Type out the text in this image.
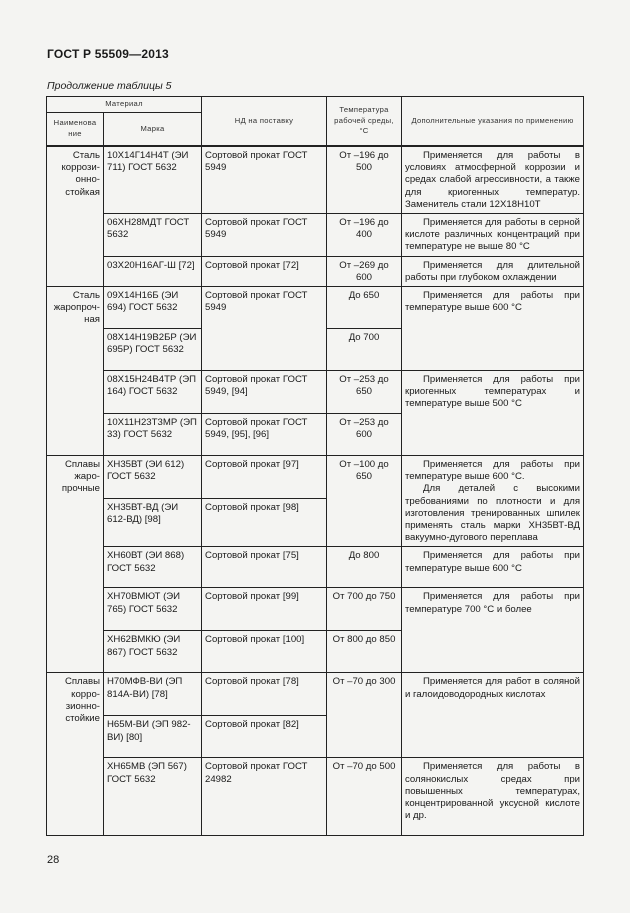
ГОСТ Р 55509—2013
Продолжение таблицы 5
Материал		НД на поставку	Температура рабочей среды, °С	Дополнительные указания по применению
Наименова ние	Марка			
Сталь коррозионностойкая	10Х14Г14Н4Т (ЭИ 711) ГОСТ 5632	Сортовой прокат ГОСТ 5949	От –196 до 500	Применяется для работы в условиях атмосферной коррозии и средах слабой агрессивности, а также для криогенных температур. Заменитель стали 12Х18Н10Т
	06ХН28МДТ ГОСТ 5632	Сортовой прокат ГОСТ 5949	От –196 до 400	Применяется для работы в серной кислоте различных концентраций при температуре не выше 80 °С
	03Х20Н16АГ-Ш [72]	Сортовой прокат [72]	От –269 до 600	Применяется для длительной работы при глубоком охлаждении
Сталь жаропрочная	09Х14Н16Б (ЭИ 694) ГОСТ 5632	Сортовой прокат ГОСТ 5949	До 650	Применяется для работы при температуре выше 600 °С
	08Х14Н19В2БР (ЭИ 695Р) ГОСТ 5632		До 700	
	08Х15Н24В4ТР (ЭП 164) ГОСТ 5632	Сортовой прокат ГОСТ 5949, [94]	От –253 до 650	Применяется для работы при криогенных температурах и температуре выше 500 °С
	10Х11Н23Т3МР (ЭП 33) ГОСТ 5632	Сортовой прокат ГОСТ 5949, [95], [96]	От –253 до 600	
Сплавы жаропрочные	ХН35ВТ (ЭИ 612) ГОСТ 5632	Сортовой прокат [97]	От –100 до 650	Применяется для работы при температуре выше 600 °С.
Для деталей с высокими требованиями по плотности и для изготовления тренированных шпилек применять сталь марки ХН35ВТ-ВД вакуумно-дугового переплава

	ХН35ВТ-ВД (ЭИ 612-ВД) [98]	Сортовой прокат [98]		
	ХН60ВТ (ЭИ 868) ГОСТ 5632	Сортовой прокат [75]	До 800	Применяется для работы при температуре выше 600 °С
	ХН70ВМЮТ (ЭИ 765) ГОСТ 5632	Сортовой прокат [99]	От 700 до 750	Применяется для работы при температуре 700 °С и более
	ХН62ВМКЮ (ЭИ 867) ГОСТ 5632	Сортовой прокат [100]	От 800 до 850	
Сплавы коррозионностойкие	Н70МФВ-ВИ (ЭП 814А-ВИ) [78]	Сортовой прокат [78]	От –70 до 300	Применяется для работ в соляной и галоидоводородных кислотах
	Н65М-ВИ (ЭП 982-ВИ) [80]	Сортовой прокат [82]		
	ХН65МВ (ЭП 567) ГОСТ 5632	Сортовой прокат ГОСТ 24982	От –70 до 500	Применяется для работы в солянокислых средах при повышенных температурах, концентрированной уксусной кислоте и др.
28
